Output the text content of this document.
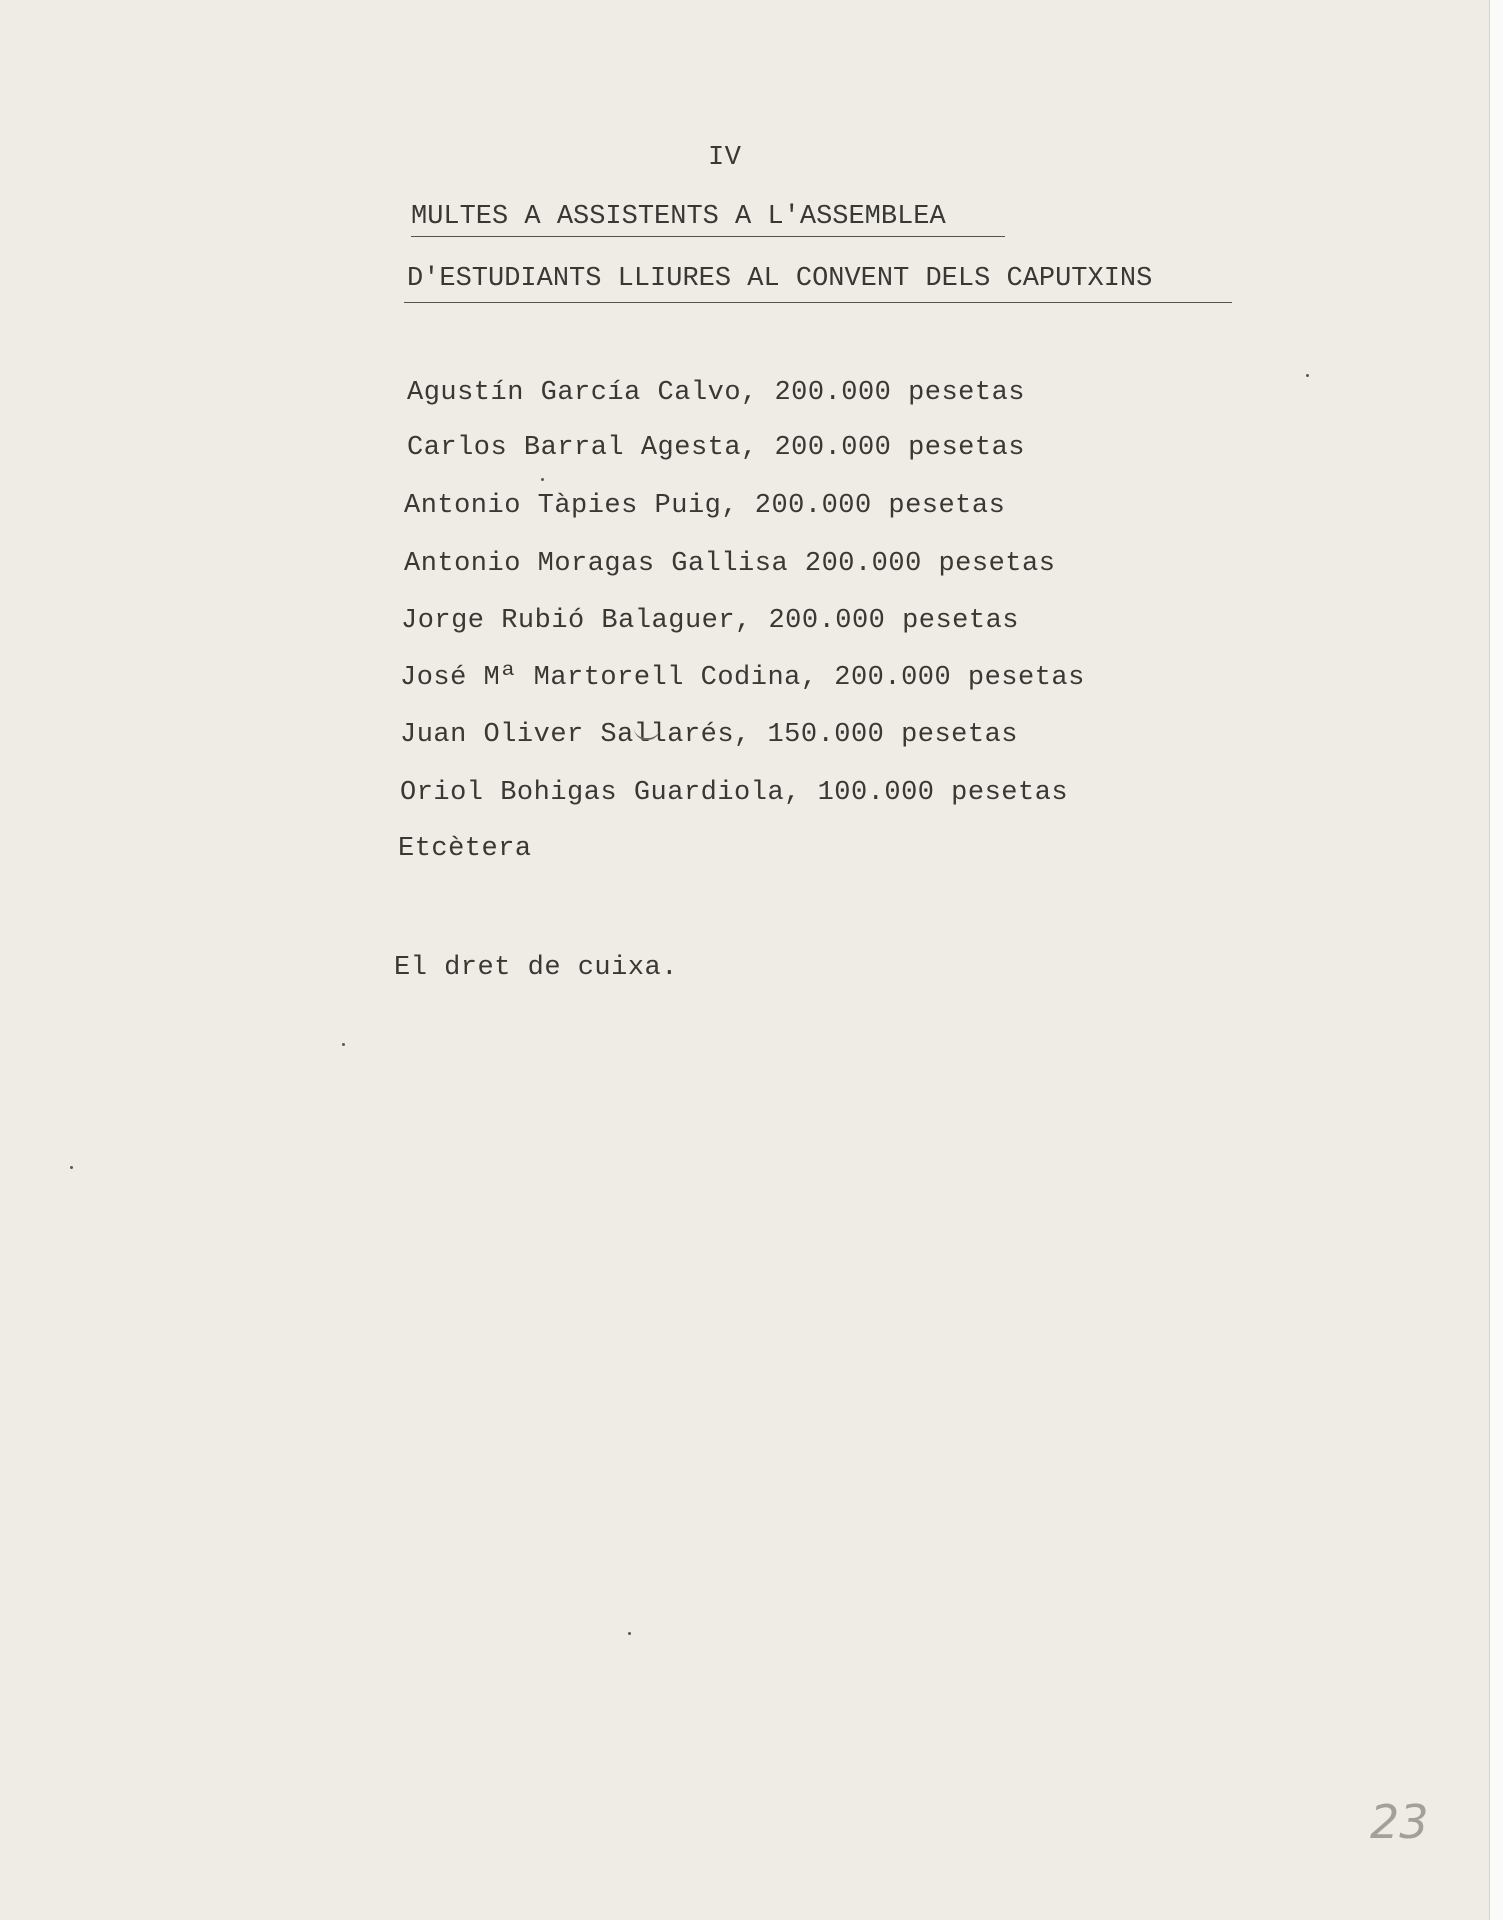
IV
MULTES A ASSISTENTS A L'ASSEMBLEA
D'ESTUDIANTS LLIURES AL CONVENT DELS CAPUTXINS
Agustín García Calvo, 200.000 pesetas
Carlos Barral Agesta, 200.000 pesetas
Antonio Tàpies Puig, 200.000 pesetas
Antonio Moragas Gallisa 200.000 pesetas
Jorge Rubió Balaguer, 200.000 pesetas
José Mª Martorell Codina, 200.000 pesetas
Juan Oliver Sallarés, 150.000 pesetas
Oriol Bohigas Guardiola, 100.000 pesetas
Etcètera
El dret de cuixa.
23
